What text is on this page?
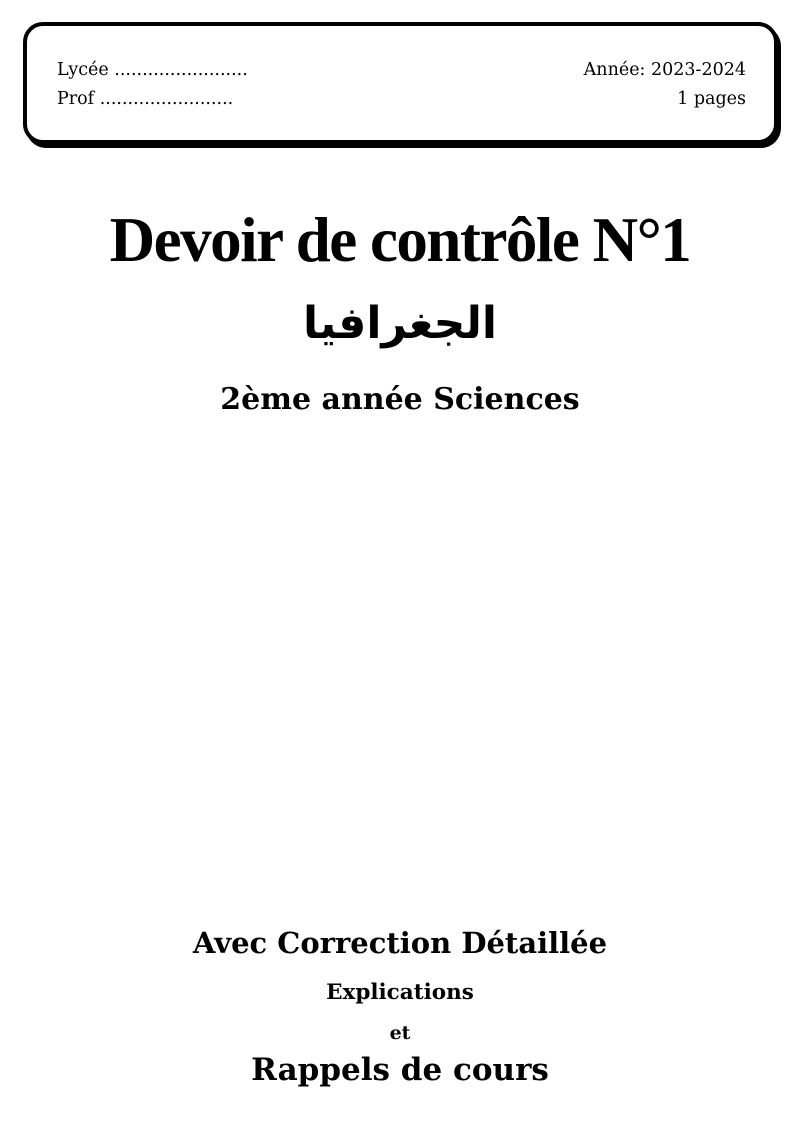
Lycée ........................
Prof ........................
Année: 2023-2024
1 pages
Devoir de contrôle N°1
الجغرافيا
2ème année Sciences
Avec Correction Détaillée
Explications
et
Rappels de cours
